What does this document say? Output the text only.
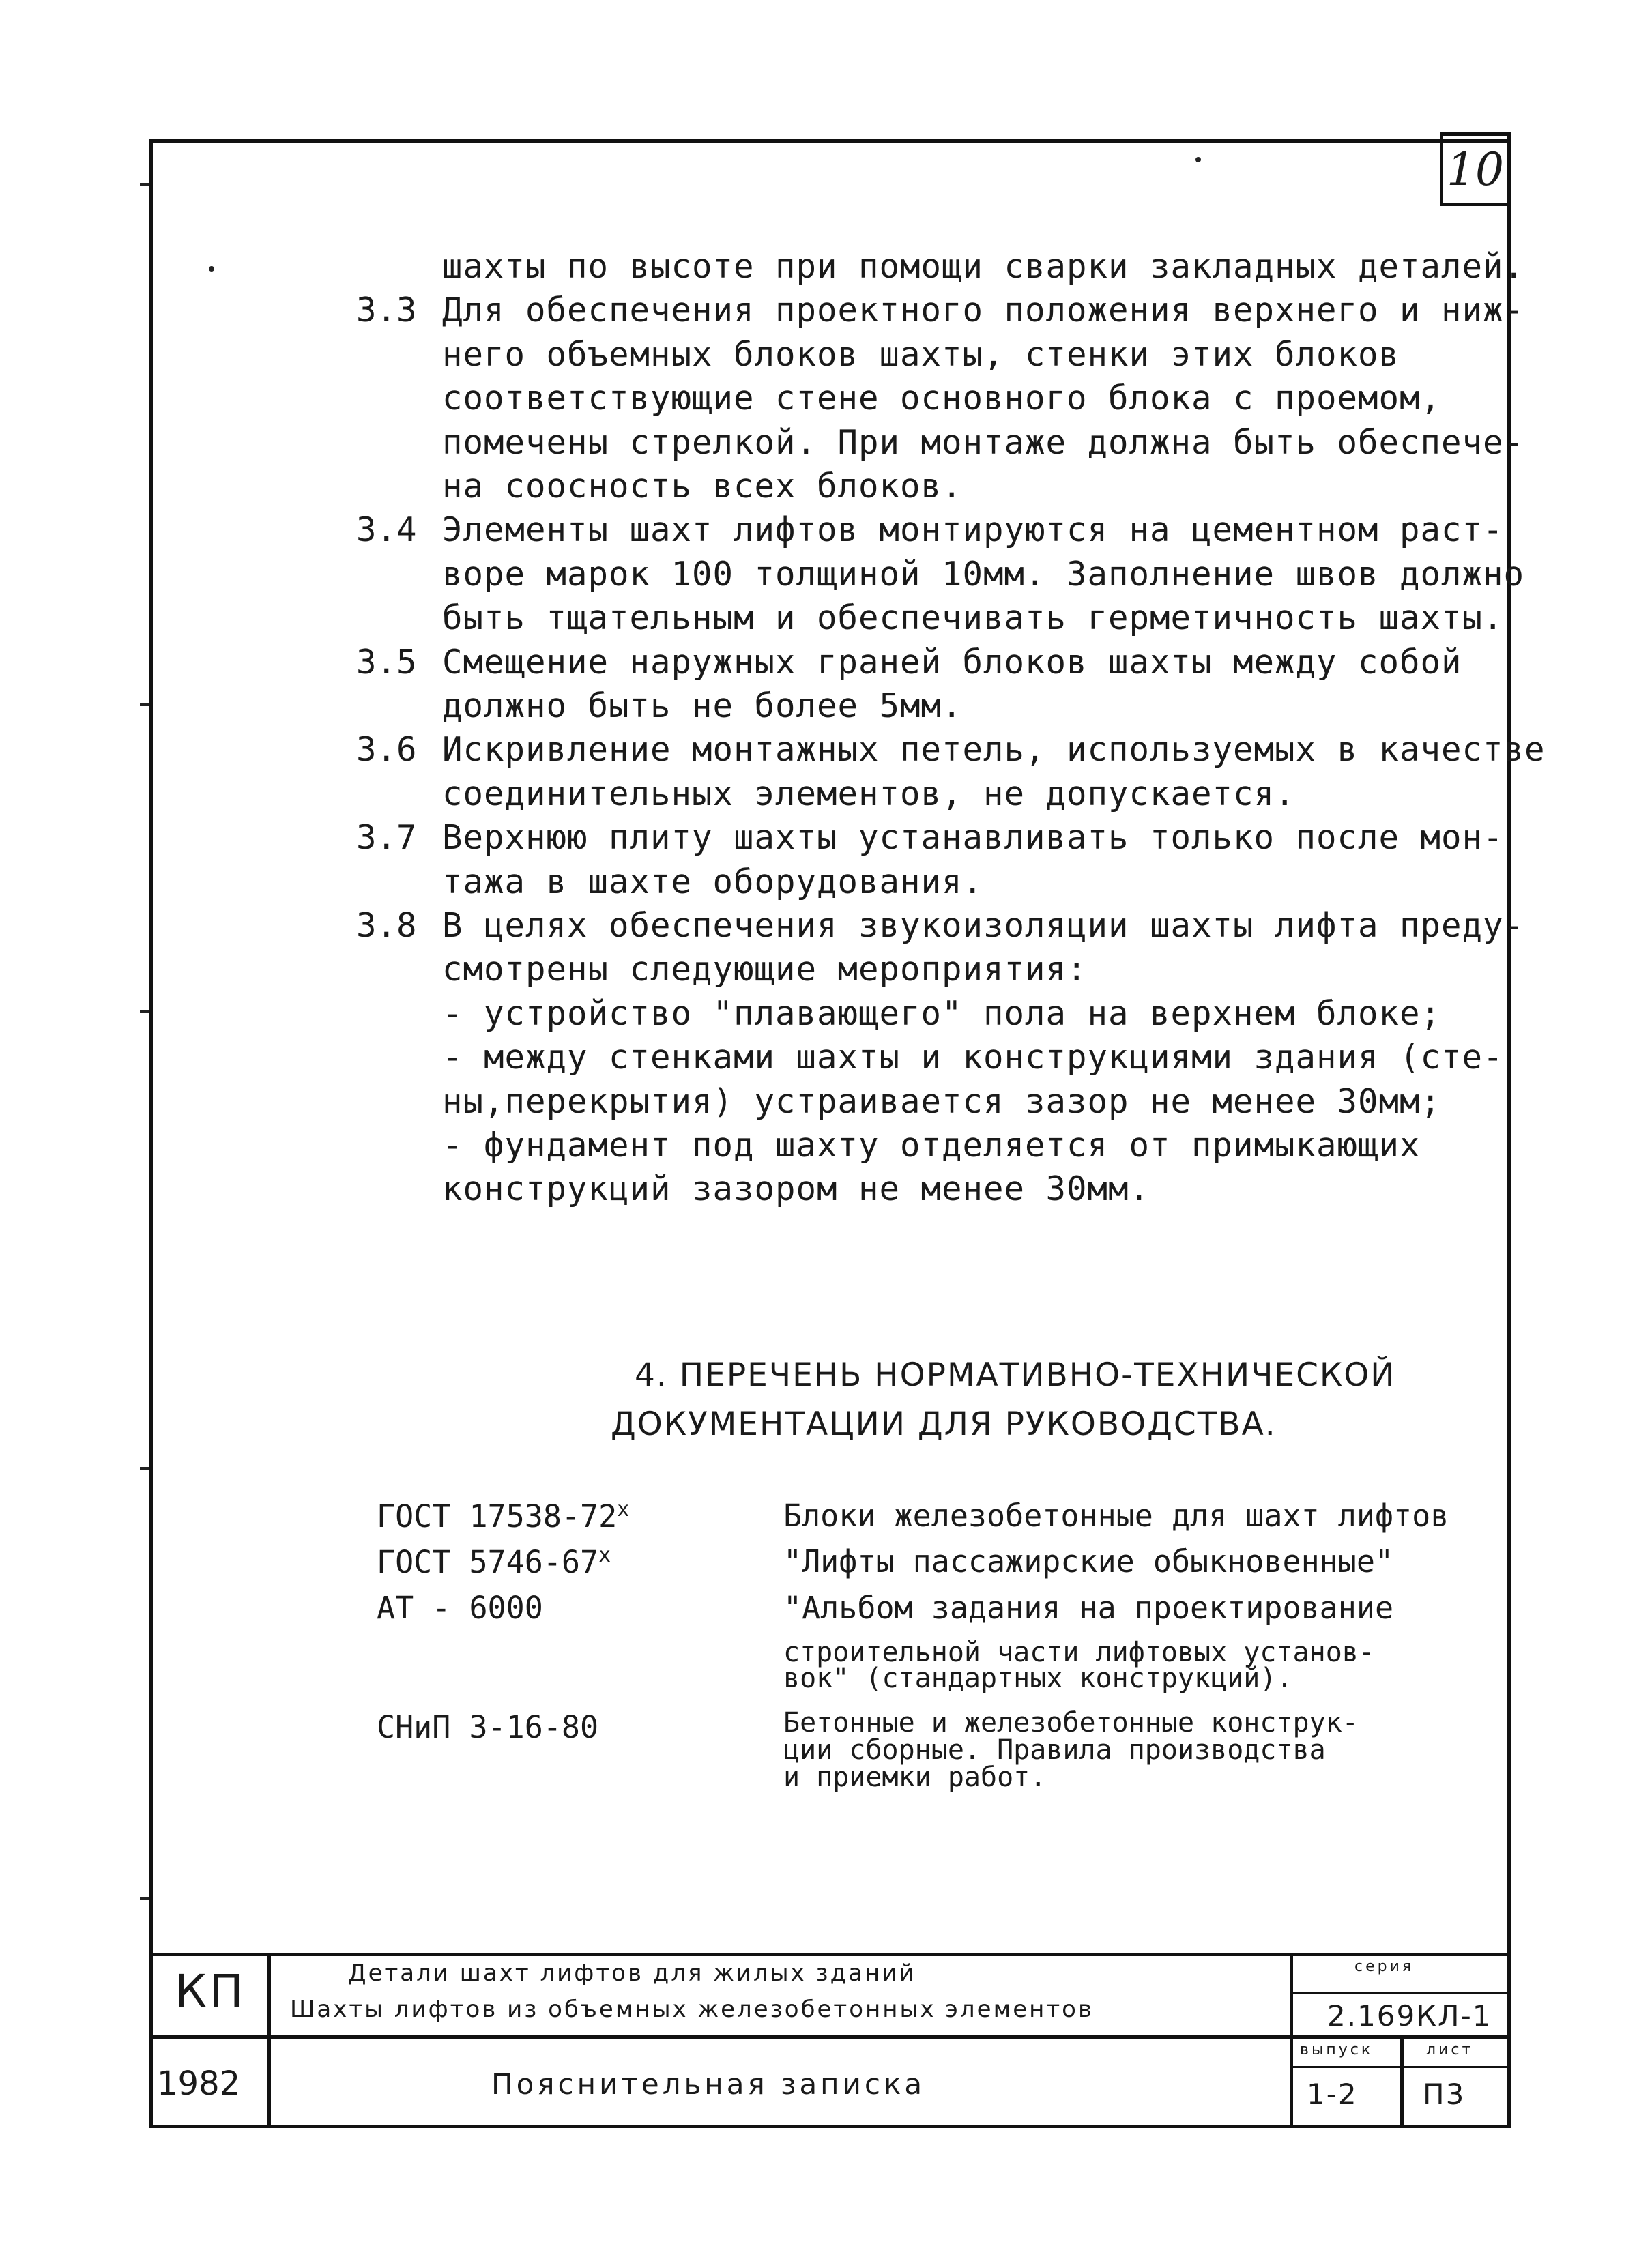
10
шахты по высоте при помощи сварки закладных деталей.
3.3 Для обеспечения проектного положения верхнего и ниж-
него объемных блоков шахты, стенки этих блоков
соответствующие стене основного блока с проемом,
помечены стрелкой. При монтаже должна быть обеспече-
на соосность всех блоков.
3.4 Элементы шахт лифтов монтируются на цементном раст-
воре марок 100 толщиной 10мм. Заполнение швов должно
быть тщательным и обеспечивать герметичность шахты.
3.5 Смещение наружных граней блоков шахты между собой
должно быть не более 5мм.
3.6 Искривление монтажных петель, используемых в качестве
соединительных элементов, не допускается.
3.7 Верхнюю плиту шахты устанавливать только после мон-
тажа в шахте оборудования.
3.8 В целях обеспечения звукоизоляции шахты лифта преду-
смотрены следующие мероприятия:
- устройство "плавающего" пола на верхнем блоке;
- между стенками шахты и конструкциями здания (сте-
ны,перекрытия) устраивается зазор не менее 30мм;
- фундамент под шахту отделяется от примыкающих
конструкций зазором не менее 30мм.
4. ПЕРЕЧЕНЬ НОРМАТИВНО-ТЕХНИЧЕСКОЙ
ДОКУМЕНТАЦИИ ДЛЯ РУКОВОДСТВА.
ГОСТ $17538-72^х$	Блоки железобетонные для шахт лифтов
ГОСТ $5746-67^х$	"Лифты пассажирские обыкновенные"
АТ - 6000	"Альбом задания на проектирование
строительной части лифтовых установ-
вок" (стандартных конструкций).
СНиП 3-16-80	Бетонные и железобетонные конструк-
ции сборные. Правила производства
и приемки работ.
КП
1982
Детали шахт лифтов для жилых зданий
Шахты лифтов из объемных железобетонных элементов
Пояснительная записка
серия
2.169КЛ-1
выпуск
1-2
лист
П3
